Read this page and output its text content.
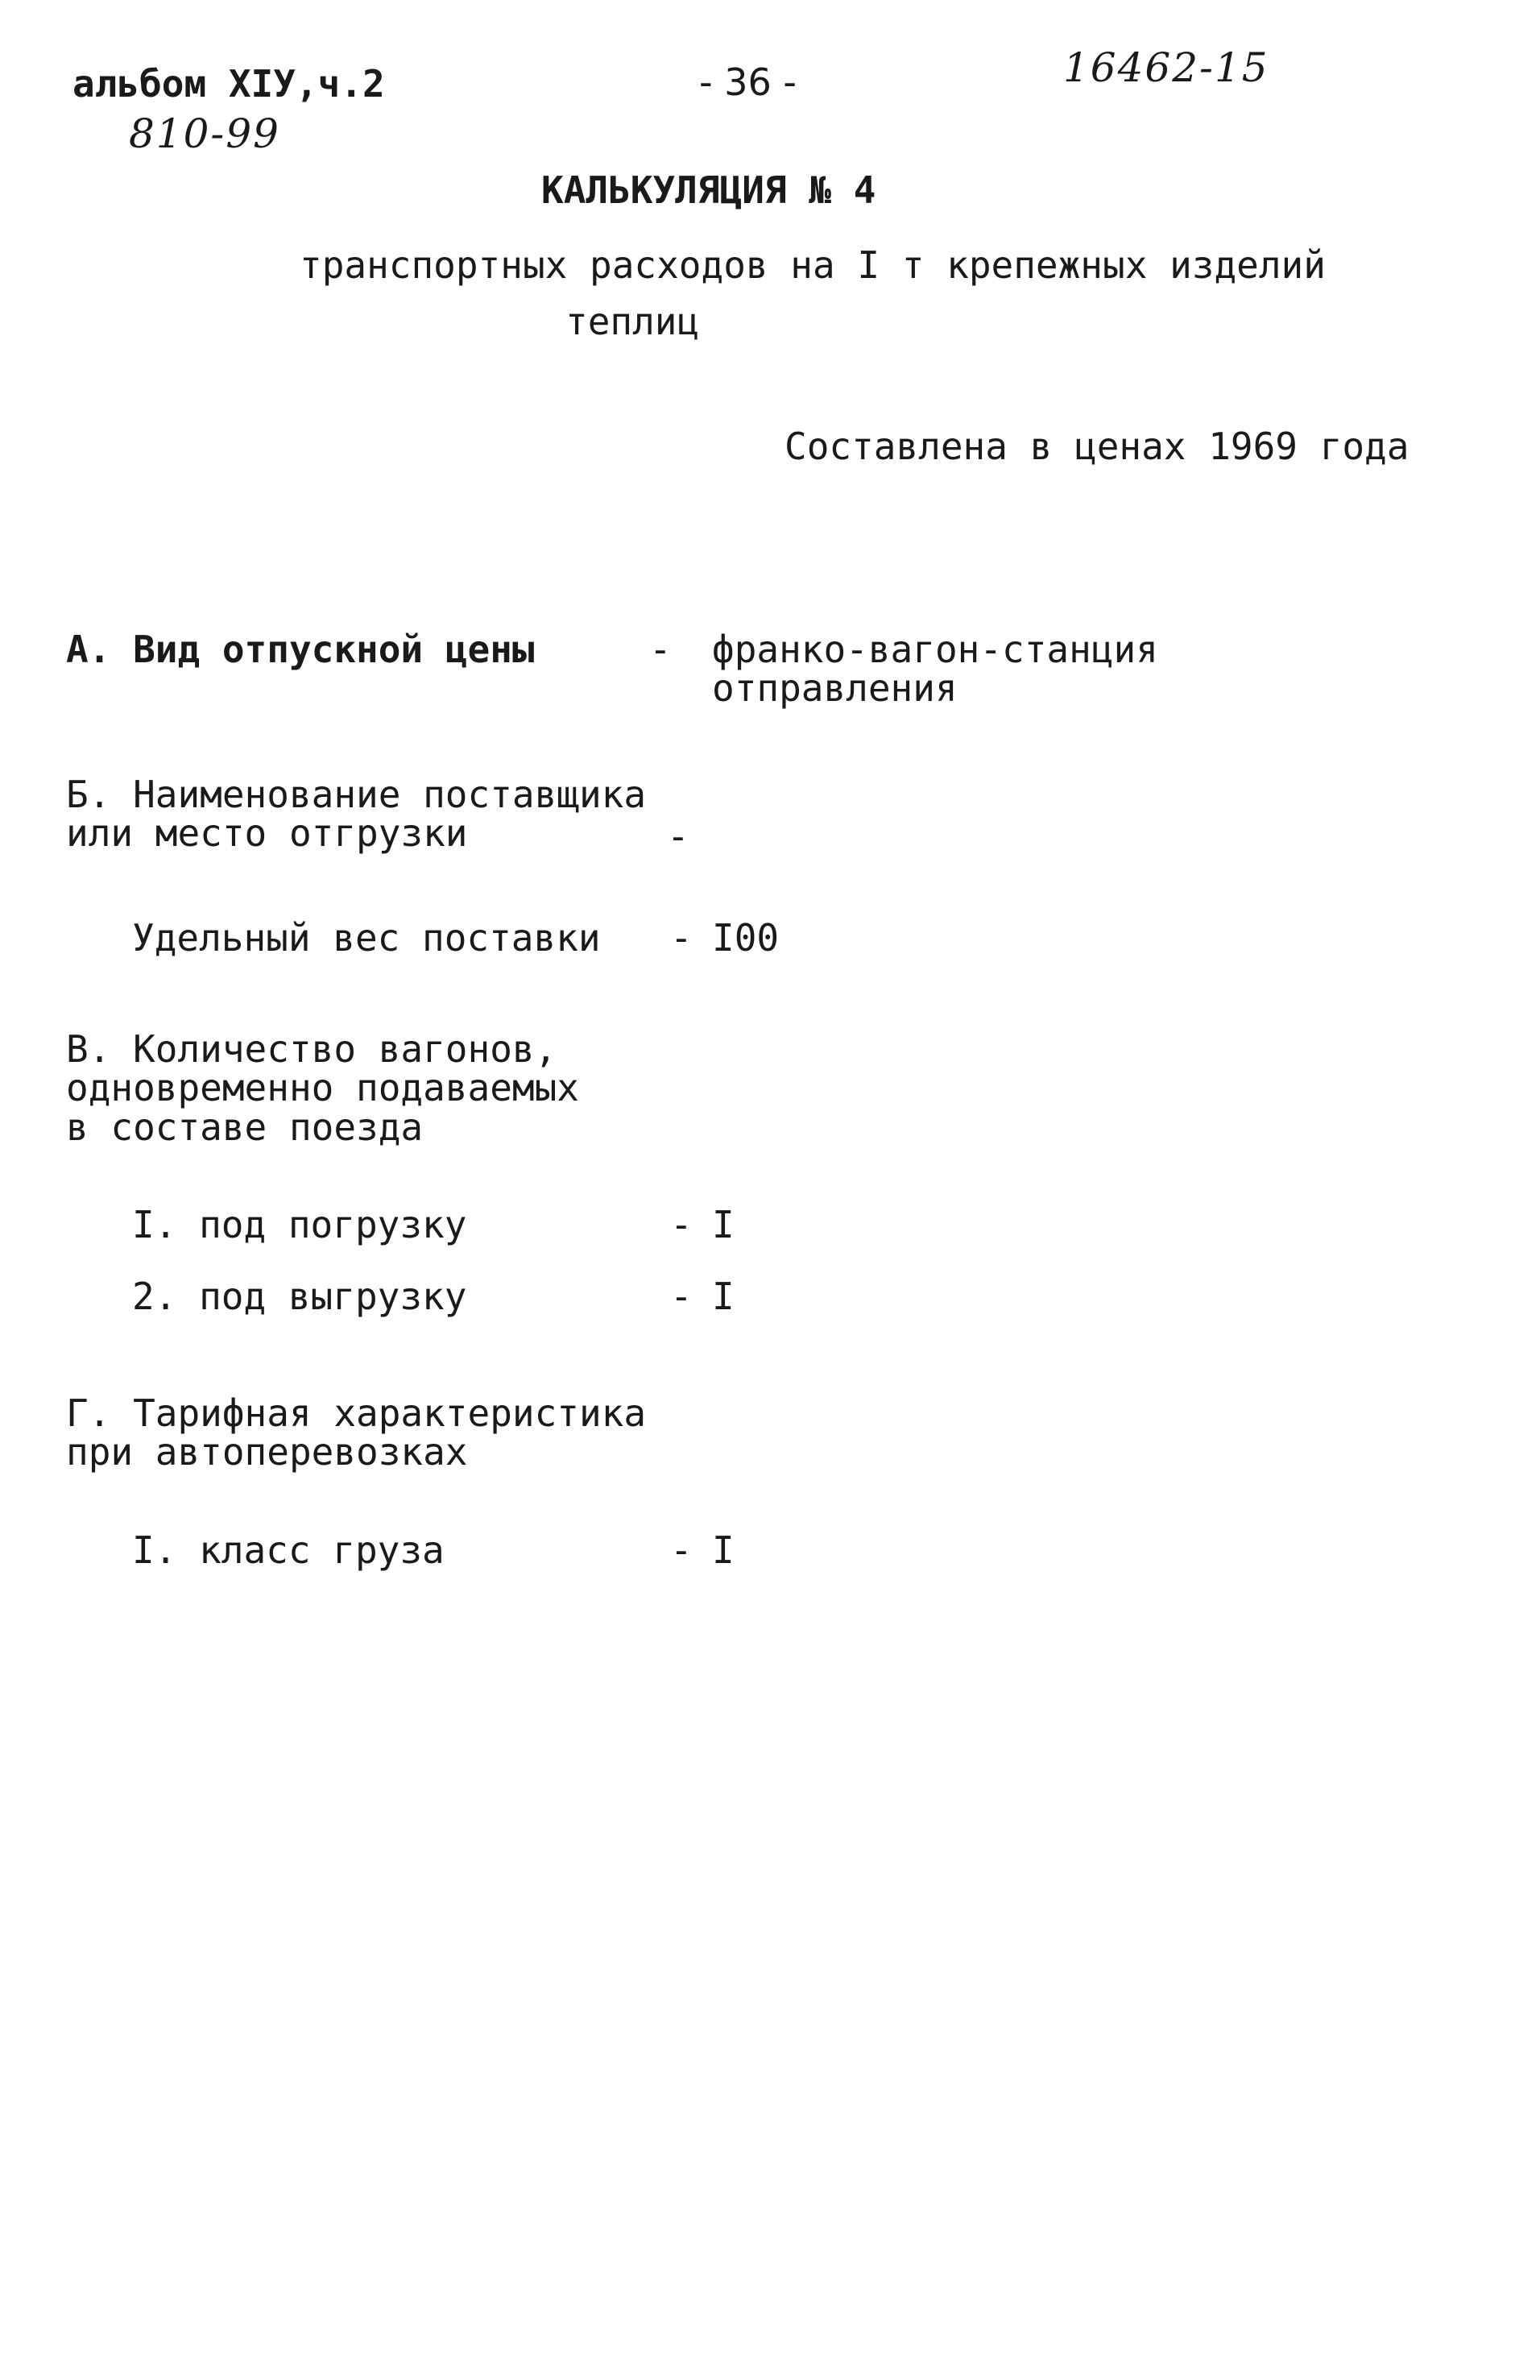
альбом XIУ,ч.2
810-99
- 36 -	16462-15
КАЛЬКУЛЯЦИЯ № 4
транспортных расходов на I т крепежных изделий
теплиц
Составлена в ценах 1969 года
А. Вид отпускной цены	- франко-вагон-станция
отправления
Б. Наименование поставщика
или место отгрузки	-
Удельный вес поставки - I00
В. Количество вагонов,
одновременно подаваемых
в составе поезда
I. под погрузку	- I
2. под выгрузку	- I
Г. Тарифная характеристика
при автоперевозках
I. класс груза	- I
